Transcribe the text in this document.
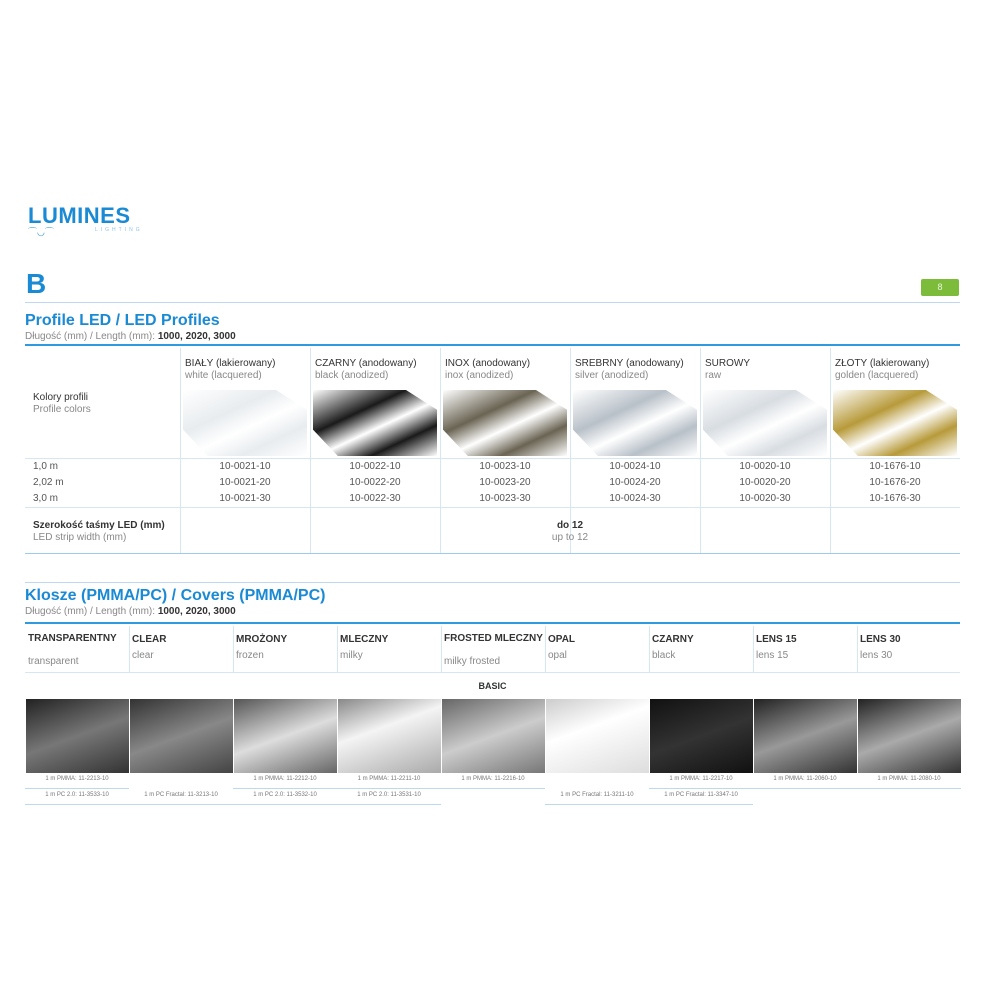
LUMINES
⌒◡⌒	LIGHTING
B	8
Profile LED / LED Profiles
Długość (mm) / Length (mm): 1000, 2020, 3000
Kolory profili
Profile colors
BIAŁY (lakierowany)
white (lacquered)
10-0021-10
10-0021-20
10-0021-30
CZARNY (anodowany)
black (anodized)
10-0022-10
10-0022-20
10-0022-30
INOX (anodowany)
inox (anodized)
10-0023-10
10-0023-20
10-0023-30
SREBRNY (anodowany)
silver (anodized)
10-0024-10
10-0024-20
10-0024-30
SUROWY
raw
10-0020-10
10-0020-20
10-0020-30
ZŁOTY (lakierowany)
golden (lacquered)
10-1676-10
10-1676-20
10-1676-30
1,0 m
2,02 m
3,0 m
Szerokość taśmy LED (mm)
LED strip width (mm)
do 12
up to 12
Klosze (PMMA/PC) / Covers (PMMA/PC)
Długość (mm) / Length (mm): 1000, 2020, 3000
TRANSPARENTNY
transparent
1 m PMMA: 11-2213-10
1 m PC 2.0: 11-3533-10
CLEAR
clear
1 m PC Fractal: 11-3213-10
MROŻONY
frozen
1 m PMMA: 11-2212-10
1 m PC 2.0: 11-3532-10
MLECZNY
milky
1 m PMMA: 11-2211-10
1 m PC 2.0: 11-3531-10
FROSTED MLECZNY
milky frosted
1 m PMMA: 11-2216-10
OPAL
opal
1 m PC Fractal: 11-3211-10
CZARNY
black
1 m PMMA: 11-2217-10
1 m PC Fractal: 11-3347-10
LENS 15
lens 15
1 m PMMA: 11-2060-10
LENS 30
lens 30
1 m PMMA: 11-2080-10
BASIC
